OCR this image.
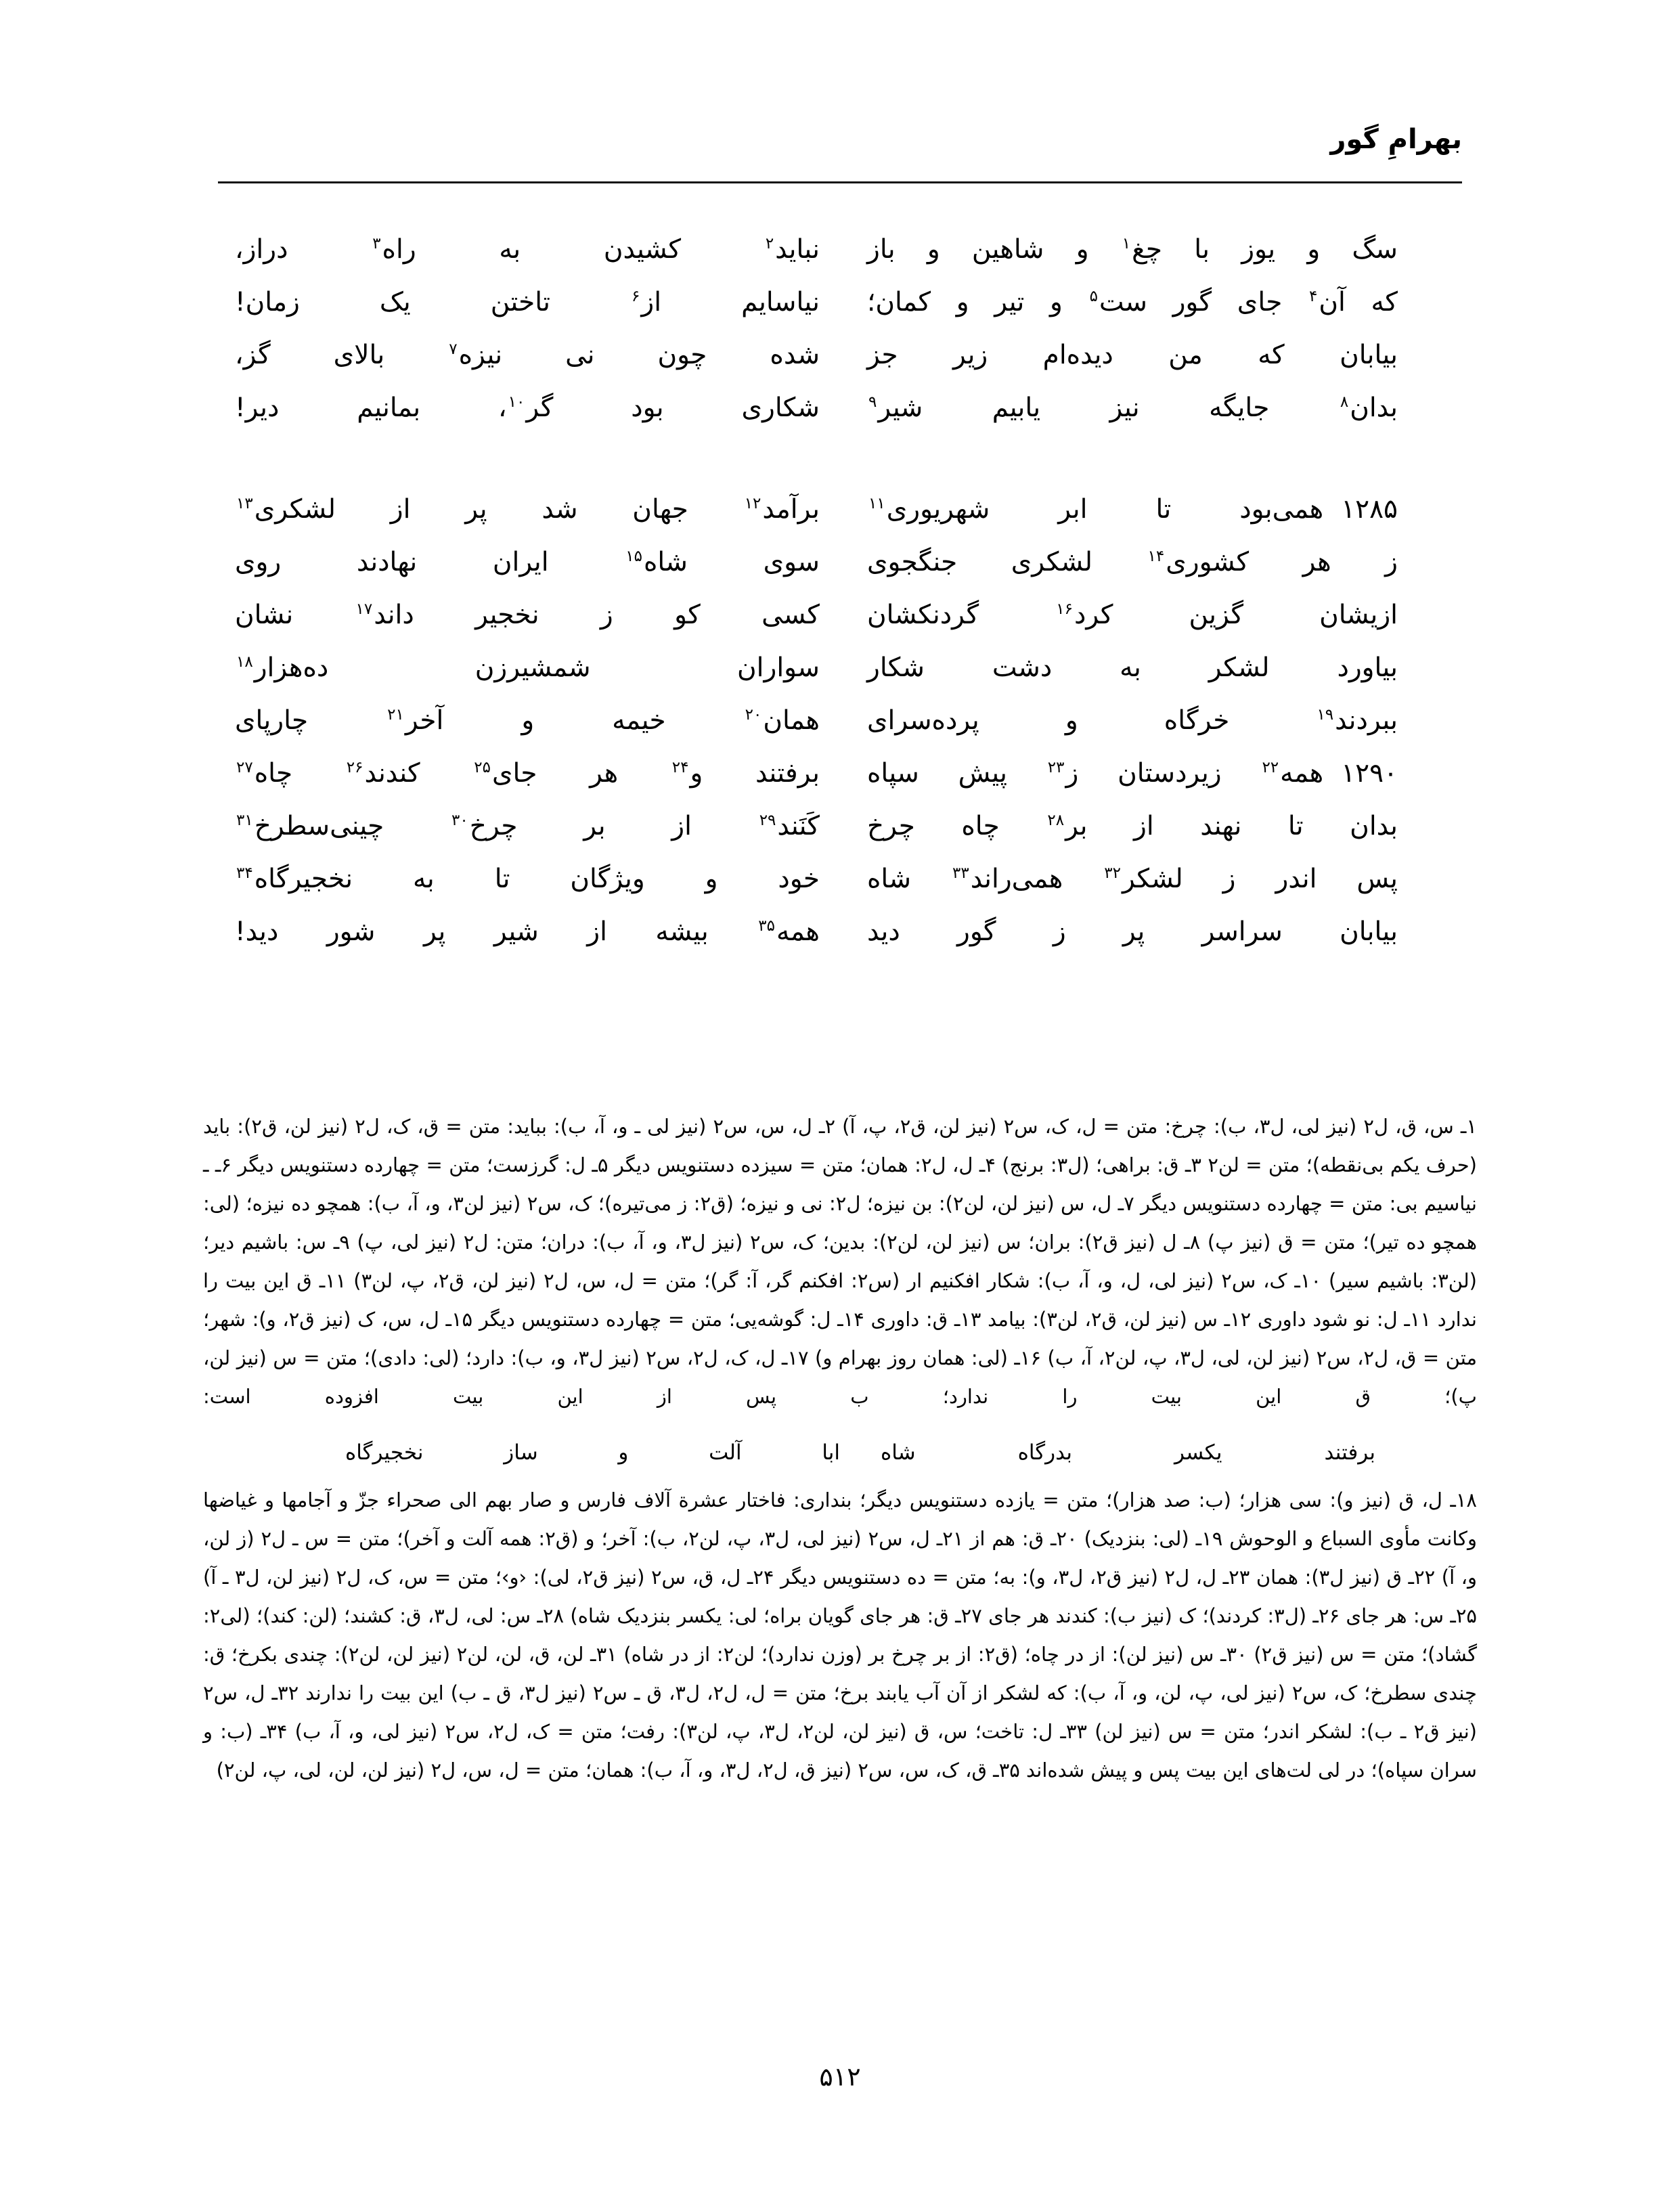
بهرامِ گور
سگ و یوز با چغ$^۱$ و شاهین و باز
نباید$^۲$ کشیدن به راه$^۳$ دراز،
که آن$^۴$ جای گور ست$^۵$ و تیر و کمان؛
نیاسایم از$^۶$ تاختن یک زمان!
بیابان که من دیده‌ام زیر جز
شده چون نی نیزه$^۷$ بالای گز،
بدان$^۸$ جایگه نیز یابیم شیر$^۹$
شکاری بود گر$^{۱۰}$، بمانیم دیر!
۱۲۸۵همی‌بود تا ابر شهریوری$^{۱۱}$
برآمد$^{۱۲}$ جهان شد پر از لشکری$^{۱۳}$
ز هر کشوری$^{۱۴}$ لشکری جنگجوی
سوی شاه$^{۱۵}$ ایران نهادند روی
ازیشان گزین کرد$^{۱۶}$ گردنکشان
کسی کو ز نخجیر داند$^{۱۷}$ نشان
بیاورد لشکر به دشت شکار
سواران شمشیرزن ده‌هزار$^{۱۸}$
ببردند$^{۱۹}$ خرگاه و پرده‌سرای
همان$^{۲۰}$ خیمه و آخر$^{۲۱}$ چارپای
۱۲۹۰همه$^{۲۲}$ زیردستان ز$^{۲۳}$ پیش سپاه
برفتند و$^{۲۴}$ هر جای$^{۲۵}$ کندند$^{۲۶}$ چاه$^{۲۷}$
بدان تا نهند از بر$^{۲۸}$ چاه چرخ
کَنَند$^{۲۹}$ از بر چرخ$^{۳۰}$ چینی‌سطرخ$^{۳۱}$
پس اندر ز لشکر$^{۳۲}$ همی‌راند$^{۳۳}$ شاه
خود و ویژگان تا به نخجیرگاه$^{۳۴}$
بیابان سراسر پر ز گور دید
همه$^{۳۵}$ بیشه از شیر پر شور دید!

۱ـ س، ق، ل۲ (نیز لی، ل۳، ب): چرخ: متن = ل، ک، س۲ (نیز لن، ق۲، پ، آ) ۲ـ ل، س، س۲ (نیز لی ـ و، آ، ب): بباید: متن = ق، ک، ل۲ (نیز لن، ق۲): باید (حرف یکم بی‌نقطه)؛ متن = لن۲ ۳ـ ق: براهی؛ (ل۳: برنج) ۴ـ ل، ل۲: همان؛ متن = سیزده دستنویس دیگر ۵ـ ل: گرزست؛ متن = چهارده دستنویس دیگر ۶ـ ـ نیاسیم بی: متن = چهارده دستنویس دیگر ۷ـ ل، س (نیز لن، لن۲): بن نیزه؛ ل۲: نی و نیزه؛ (ق۲: ز می‌تیره)؛ ک، س۲ (نیز لن۳، و، آ، ب): همچو ده نیزه؛ (لی: همچو ده تیر)؛ متن = ق (نیز پ) ۸ـ ل (نیز ق۲): بران؛ س (نیز لن، لن۲): بدین؛ ک، س۲ (نیز ل۳، و، آ، ب): دران؛ متن: ل۲ (نیز لی، پ) ۹ـ س: باشیم دیر؛ (لن۳: باشیم سیر) ۱۰ـ ک، س۲ (نیز لی، ل، و، آ، ب): شکار افکنیم ار (س۲: افکنم گر، آ: گر)؛ متن = ل، س، ل۲ (نیز لن، ق۲، پ، لن۳) ۱۱ـ ق این بیت را ندارد ۱۱ـ ل: نو شود داوری ۱۲ـ س (نیز لن، ق۲، لن۳): بیامد ۱۳ـ ق: داوری ۱۴ـ ل: گوشه‌یی؛ متن = چهارده دستنویس دیگر ۱۵ـ ل، س، ک (نیز ق۲، و): شهر؛ متن = ق، ل۲، س۲ (نیز لن، لی، ل۳، پ، لن۲، آ، ب) ۱۶ـ (لی: همان روز بهرام و) ۱۷ـ ل، ک، ل۲، س۲ (نیز ل۳، و، ب): دارد؛ (لی: دادی)؛ متن = س (نیز لن، پ)؛ ق این بیت را ندارد؛ ب پس از این بیت افزوده است:

برفتند یکسر بدرگاه شاه
ابا آلت و ساز نخجیرگاه

۱۸ـ ل، ق (نیز و): سی هزار؛ (ب: صد هزار)؛ متن = یازده دستنویس دیگر؛ بنداری: فاختار عشرة آلاف فارس و صار بهم الی صحراء جزّ و آجامها و غیاضها وکانت مأوی السباع و الوحوش ۱۹ـ (لی: بنزدیک) ۲۰ـ ق: هم از ۲۱ـ ل، س۲ (نیز لی، ل۳، پ، لن۲، ب): آخر؛ و (ق۲: همه آلت و آخر)؛ متن = س ـ ل۲ (ز لن، و، آ) ۲۲ـ ق (نیز ل۳): همان ۲۳ـ ل، ل۲ (نیز ق۲، ل۳، و): به؛ متن = ده دستنویس دیگر ۲۴ـ ل، ق، س۲ (نیز ق۲، لی): ‹و›؛ متن = س، ک، ل۲ (نیز لن، ل۳ ـ آ) ۲۵ـ س: هر جای ۲۶ـ (ل۳: کردند)؛ ک (نیز ب): کندند هر جای ۲۷ـ ق: هر جای گویان براه؛ لی: یکسر بنزدیک شاه) ۲۸ـ س: لی، ل۳، ق: کشند؛ (لن: کند)؛ (لی۲: گشاد)؛ متن = س (نیز ق۲) ۳۰ـ س (نیز لن): از در چاه؛ (ق۲: از بر چرخ بر (وزن ندارد)؛ لن۲: از در شاه) ۳۱ـ لن، ق، لن، لن۲ (نیز لن، لن۲): چندی بکرخ؛ ق: چندی سطرخ؛ ک، س۲ (نیز لی، پ، لن، و، آ، ب): که لشکر از آن آب یابند برخ؛ متن = ل، ل۲، ل۳، ق ـ س۲ (نیز ل۳، ق ـ ب) این بیت را ندارند ۳۲ـ ل، س۲ (نیز ق۲ ـ ب): لشکر اندر؛ متن = س (نیز لن) ۳۳ـ ل: تاخت؛ س، ق (نیز لن، لن۲، ل۳، پ، لن۳): رفت؛ متن = ک، ل۲، س۲ (نیز لی، و، آ، ب) ۳۴ـ (ب: و سران سپاه)؛ در لی لت‌های این بیت پس و پیش شده‌اند ۳۵ـ ق، ک، س، س۲ (نیز ق، ل۲، ل۳، و، آ، ب): همان؛ متن = ل، س، ل۲ (نیز لن، لن، لی، پ، لن۲)

۵۱۲
